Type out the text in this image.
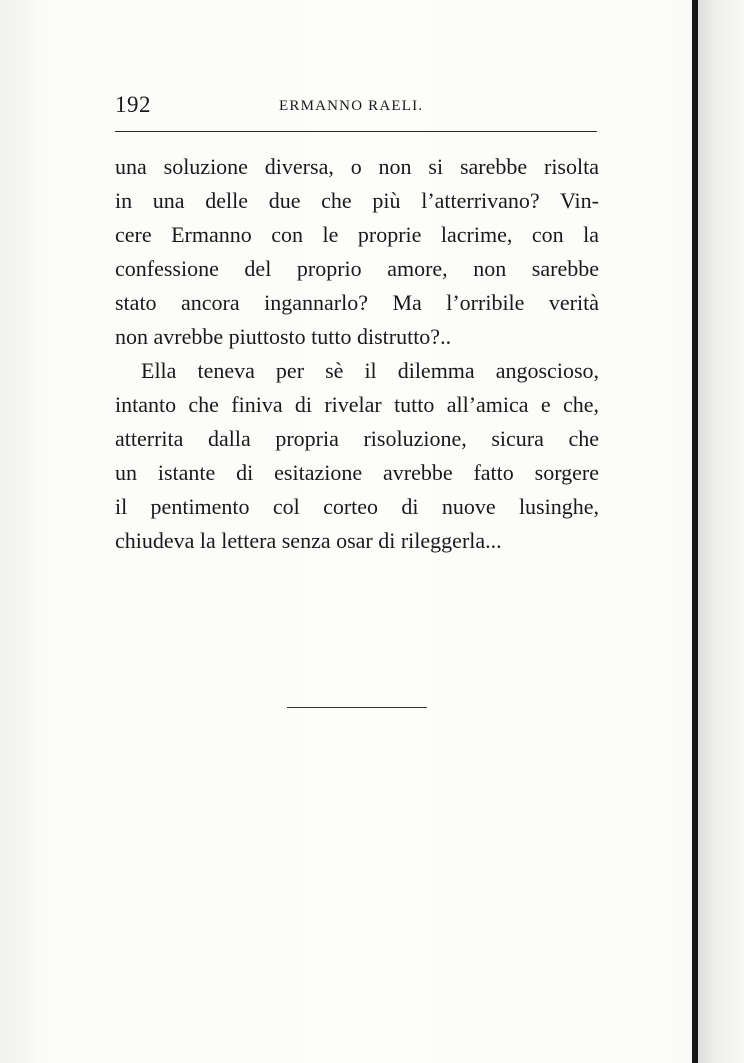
192	ERMANNO RAELI.
una soluzione diversa, o non si sarebbe risolta
in una delle due che più l’atterrivano? Vin-
cere Ermanno con le proprie lacrime, con la
confessione del proprio amore, non sarebbe
stato ancora ingannarlo? Ma l’orribile verità
non avrebbe piuttosto tutto distrutto?..
Ella teneva per sè il dilemma angoscioso,
intanto che finiva di rivelar tutto all’amica e che,
atterrita dalla propria risoluzione, sicura che
un istante di esitazione avrebbe fatto sorgere
il pentimento col corteo di nuove lusinghe,
chiudeva la lettera senza osar di rileggerla...
